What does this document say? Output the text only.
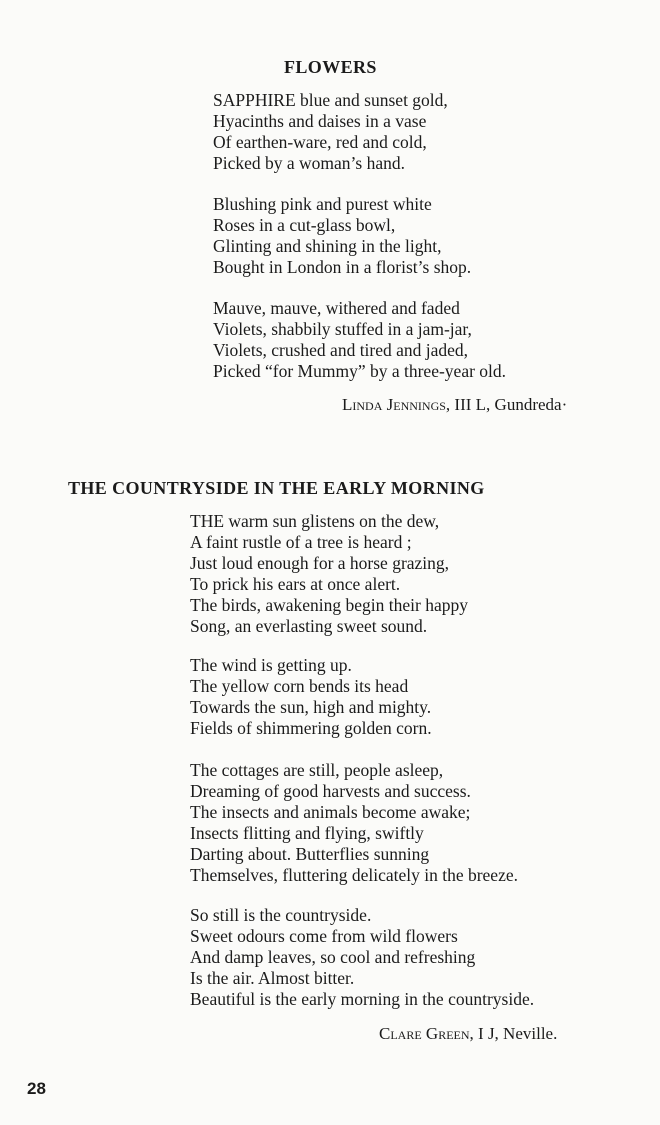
FLOWERS
SAPPHIRE blue and sunset gold,
Hyacinths and daises in a vase
Of earthen-ware, red and cold,
Picked by a woman’s hand.
Blushing pink and purest white
Roses in a cut-glass bowl,
Glinting and shining in the light,
Bought in London in a florist’s shop.
Mauve, mauve, withered and faded
Violets, shabbily stuffed in a jam-jar,
Violets, crushed and tired and jaded,
Picked “for Mummy” by a three-year old.
Linda Jennings, III L, Gundreda·
THE COUNTRYSIDE IN THE EARLY MORNING
THE warm sun glistens on the dew,
A faint rustle of a tree is heard ;
Just loud enough for a horse grazing,
To prick his ears at once alert.
The birds, awakening begin their happy
Song, an everlasting sweet sound.
The wind is getting up.
The yellow corn bends its head
Towards the sun, high and mighty.
Fields of shimmering golden corn.
The cottages are still, people asleep,
Dreaming of good harvests and success.
The insects and animals become awake;
Insects flitting and flying, swiftly
Darting about. Butterflies sunning
Themselves, fluttering delicately in the breeze.
So still is the countryside.
Sweet odours come from wild flowers
And damp leaves, so cool and refreshing
Is the air. Almost bitter.
Beautiful is the early morning in the countryside.
Clare Green, I J, Neville.
28
